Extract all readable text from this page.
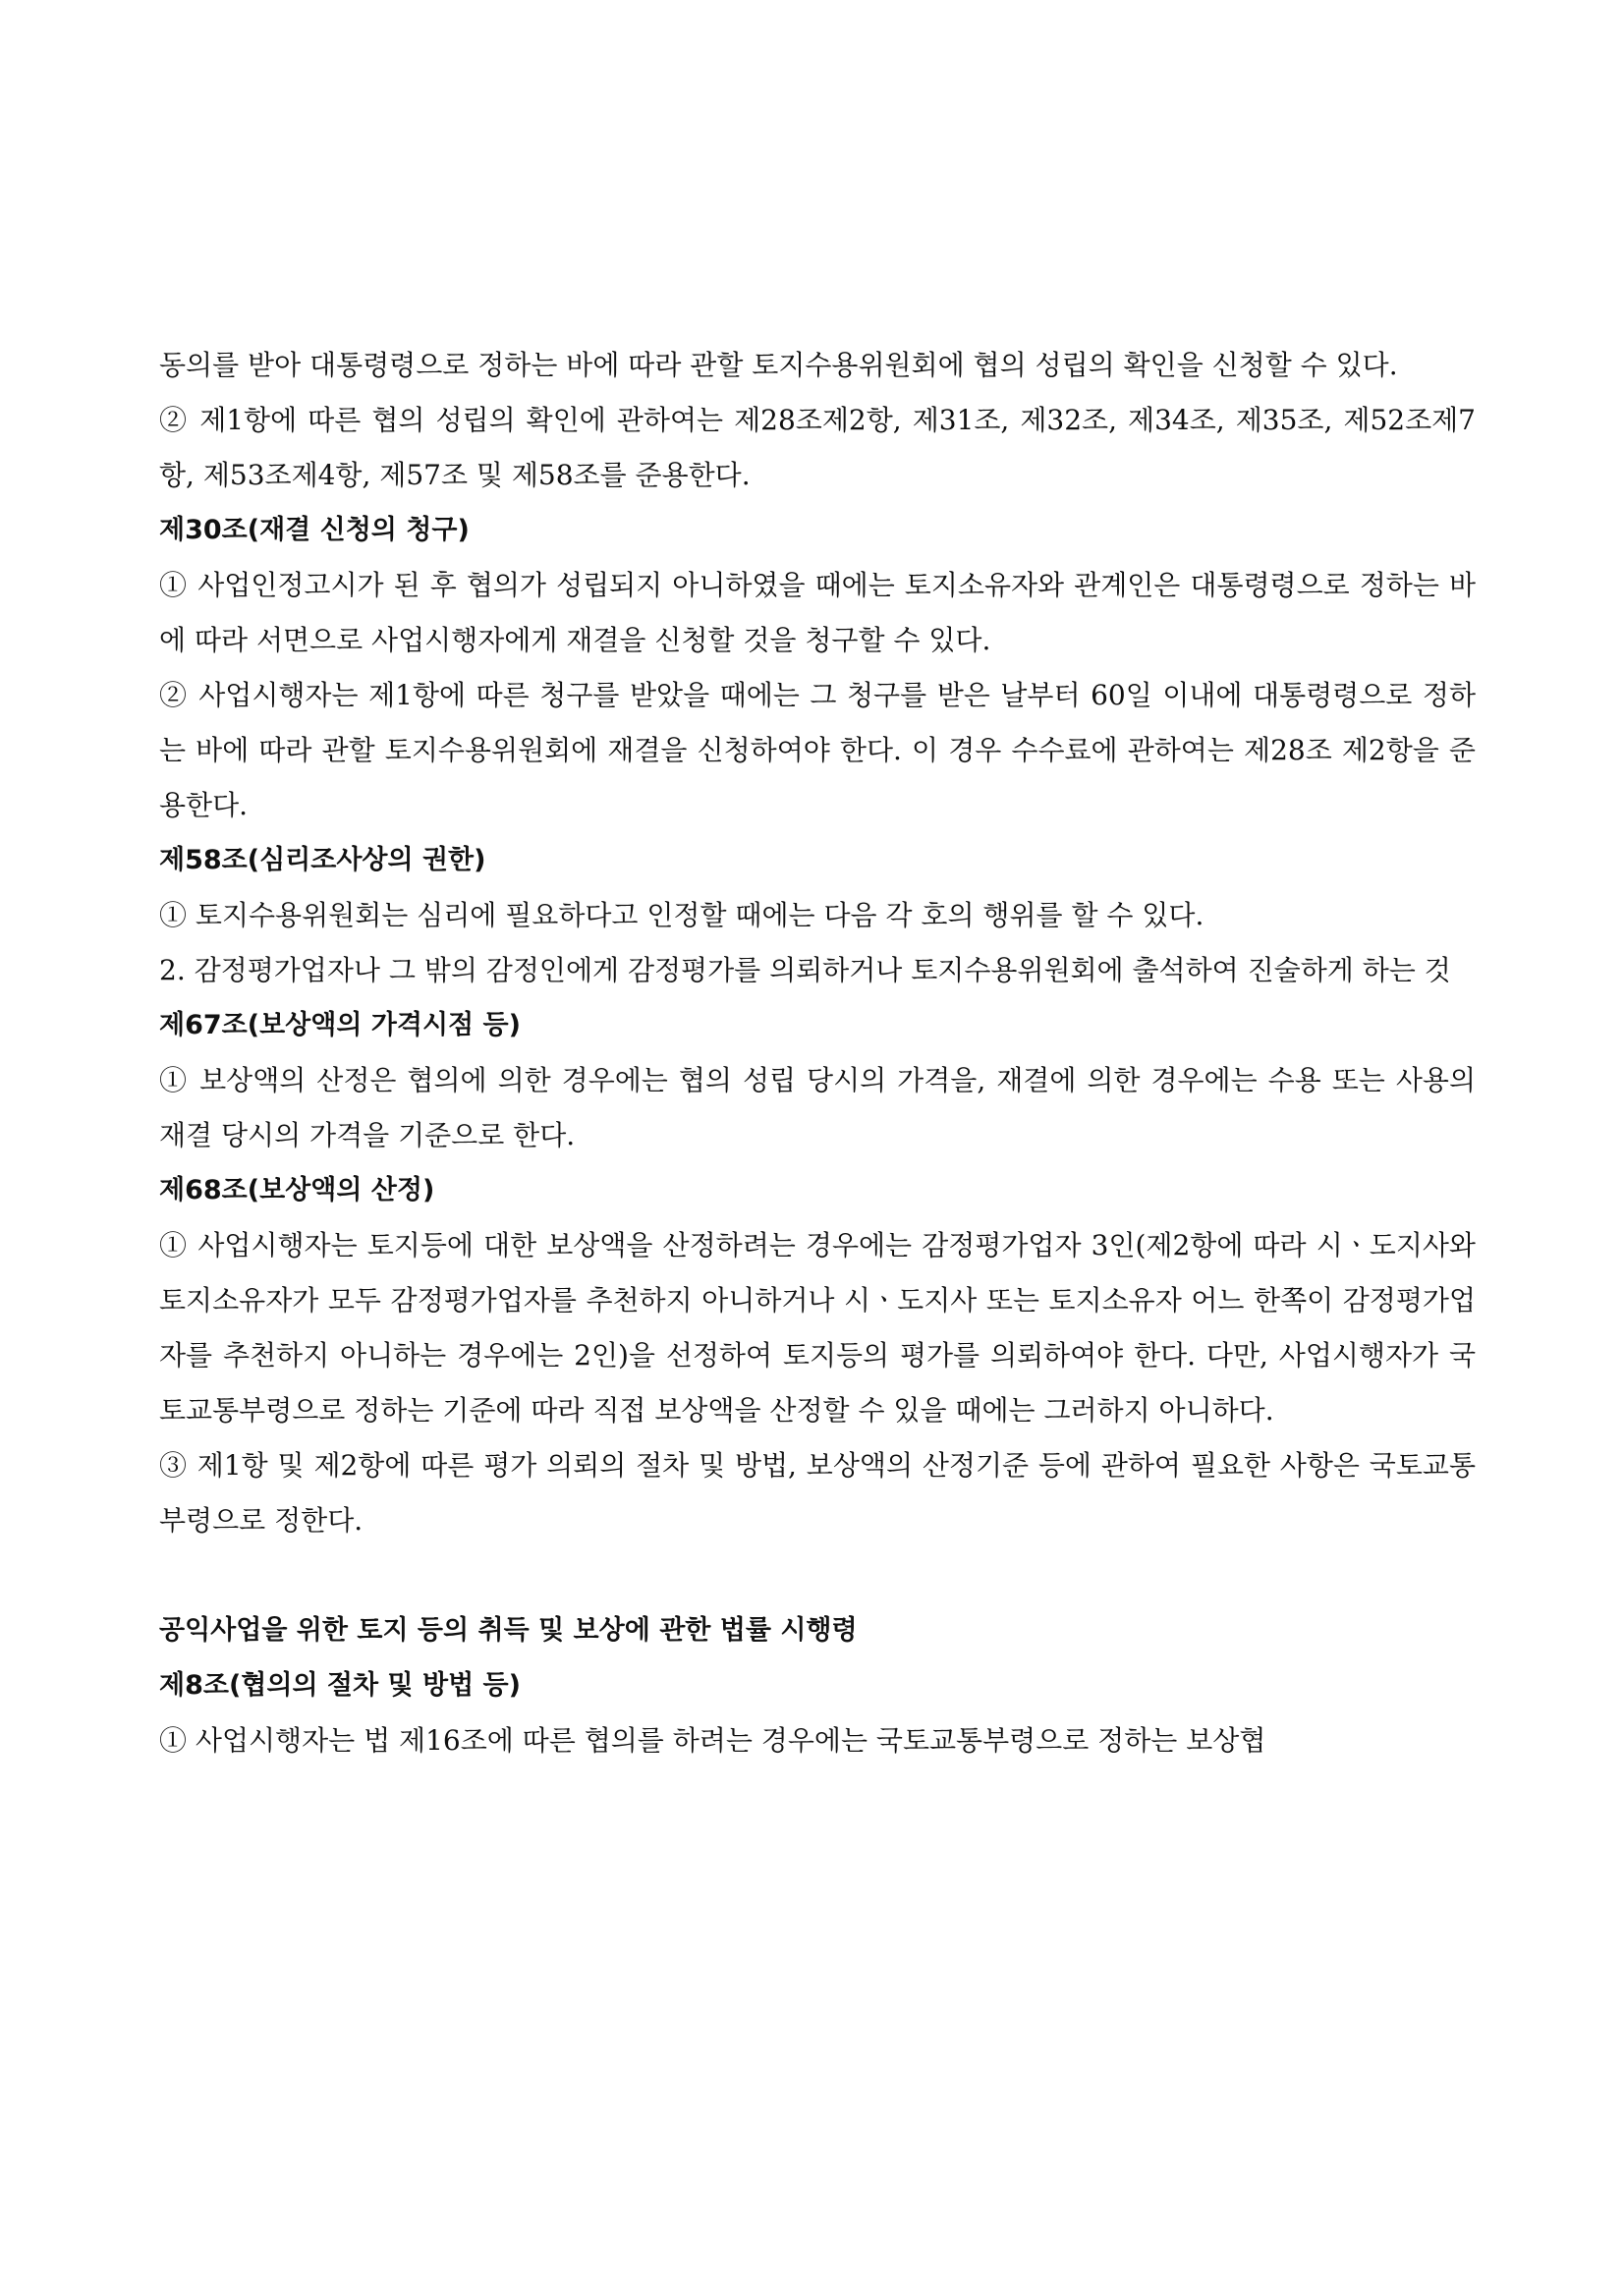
동의를 받아 대통령령으로 정하는 바에 따라 관할 토지수용위원회에 협의 성립의 확인을 신청할 수 있다.

② 제1항에 따른 협의 성립의 확인에 관하여는 제28조제2항, 제31조, 제32조, 제34조, 제35조, 제52조제7항, 제53조제4항, 제57조 및 제58조를 준용한다.

제30조(재결 신청의 청구)

① 사업인정고시가 된 후 협의가 성립되지 아니하였을 때에는 토지소유자와 관계인은 대통령령으로 정하는 바에 따라 서면으로 사업시행자에게 재결을 신청할 것을 청구할 수 있다.

② 사업시행자는 제1항에 따른 청구를 받았을 때에는 그 청구를 받은 날부터 60일 이내에 대통령령으로 정하는 바에 따라 관할 토지수용위원회에 재결을 신청하여야 한다. 이 경우 수수료에 관하여는 제28조 제2항을 준용한다.

제58조(심리조사상의 권한)

① 토지수용위원회는 심리에 필요하다고 인정할 때에는 다음 각 호의 행위를 할 수 있다.

2. 감정평가업자나 그 밖의 감정인에게 감정평가를 의뢰하거나 토지수용위원회에 출석하여 진술하게 하는 것

제67조(보상액의 가격시점 등)

① 보상액의 산정은 협의에 의한 경우에는 협의 성립 당시의 가격을, 재결에 의한 경우에는 수용 또는 사용의 재결 당시의 가격을 기준으로 한다.

제68조(보상액의 산정)

① 사업시행자는 토지등에 대한 보상액을 산정하려는 경우에는 감정평가업자 3인(제2항에 따라 시ㆍ도지사와 토지소유자가 모두 감정평가업자를 추천하지 아니하거나 시ㆍ도지사 또는 토지소유자 어느 한쪽이 감정평가업자를 추천하지 아니하는 경우에는 2인)을 선정하여 토지등의 평가를 의뢰하여야 한다. 다만, 사업시행자가 국토교통부령으로 정하는 기준에 따라 직접 보상액을 산정할 수 있을 때에는 그러하지 아니하다.

③ 제1항 및 제2항에 따른 평가 의뢰의 절차 및 방법, 보상액의 산정기준 등에 관하여 필요한 사항은 국토교통부령으로 정한다.

공익사업을 위한 토지 등의 취득 및 보상에 관한 법률 시행령

제8조(협의의 절차 및 방법 등)

① 사업시행자는 법 제16조에 따른 협의를 하려는 경우에는 국토교통부령으로 정하는 보상협
